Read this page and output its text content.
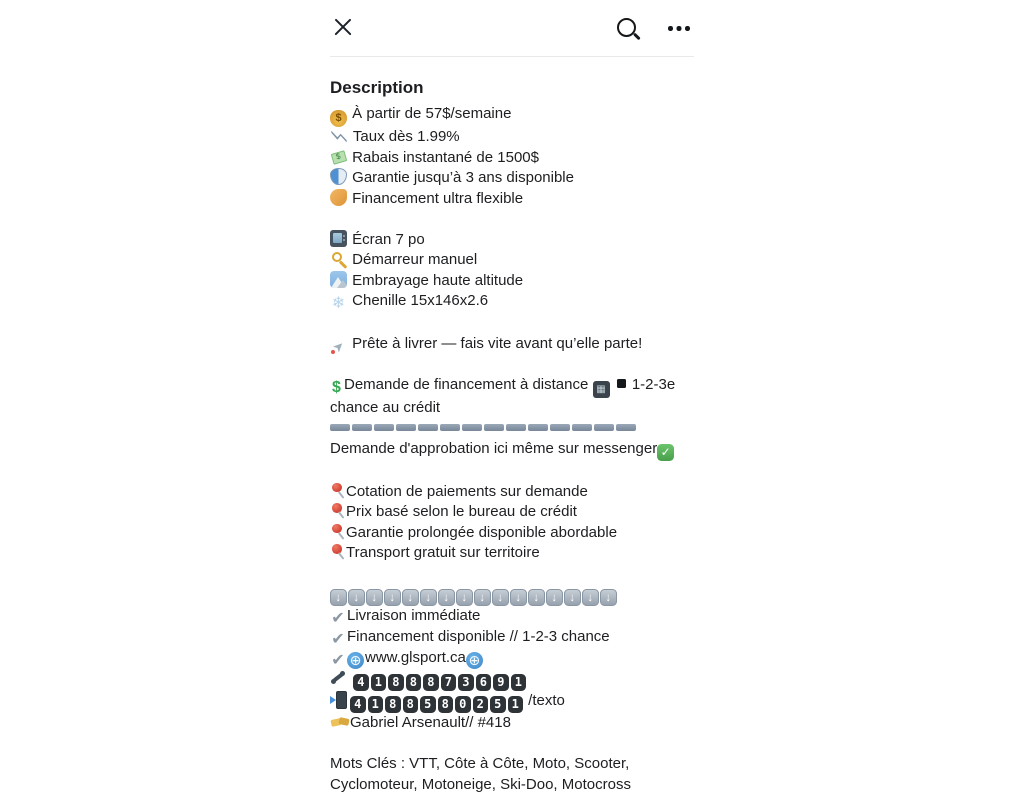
Description
$ À partir de 57$/semaine
Taux dès 1.99%
$ Rabais instantané de 1500$
Garantie jusqu’à 3 ans disponible
Financement ultra flexible
Écran 7 po
Démarreur manuel
Embrayage haute altitude
❄ Chenille 15x146x2.6
➤ Prête à livrer — fais vite avant qu’elle parte!
$Demande de financement à distance ▦  1-2-3e chance au crédit
Demande d'approbation ici même sur messenger✓
Cotation de paiements sur demande
Prix basé selon le bureau de crédit
Garantie prolongée disponible abordable
Transport gratuit sur territoire
↓↓↓↓↓↓↓↓↓↓↓↓↓↓↓↓
✔Livraison immédiate
✔Financement disponible // 1-2-3 chance
✔⊕www.glsport.ca⊕
4 1 8 8 8 7 3 6 9 1
4 1 8 8 5 8 0 2 5 1 /texto
Gabriel Arsenault// #418
Mots Clés : VTT, Côte à Côte, Moto, Scooter, Cyclomoteur, Motoneige, Ski-Doo, Motocross
